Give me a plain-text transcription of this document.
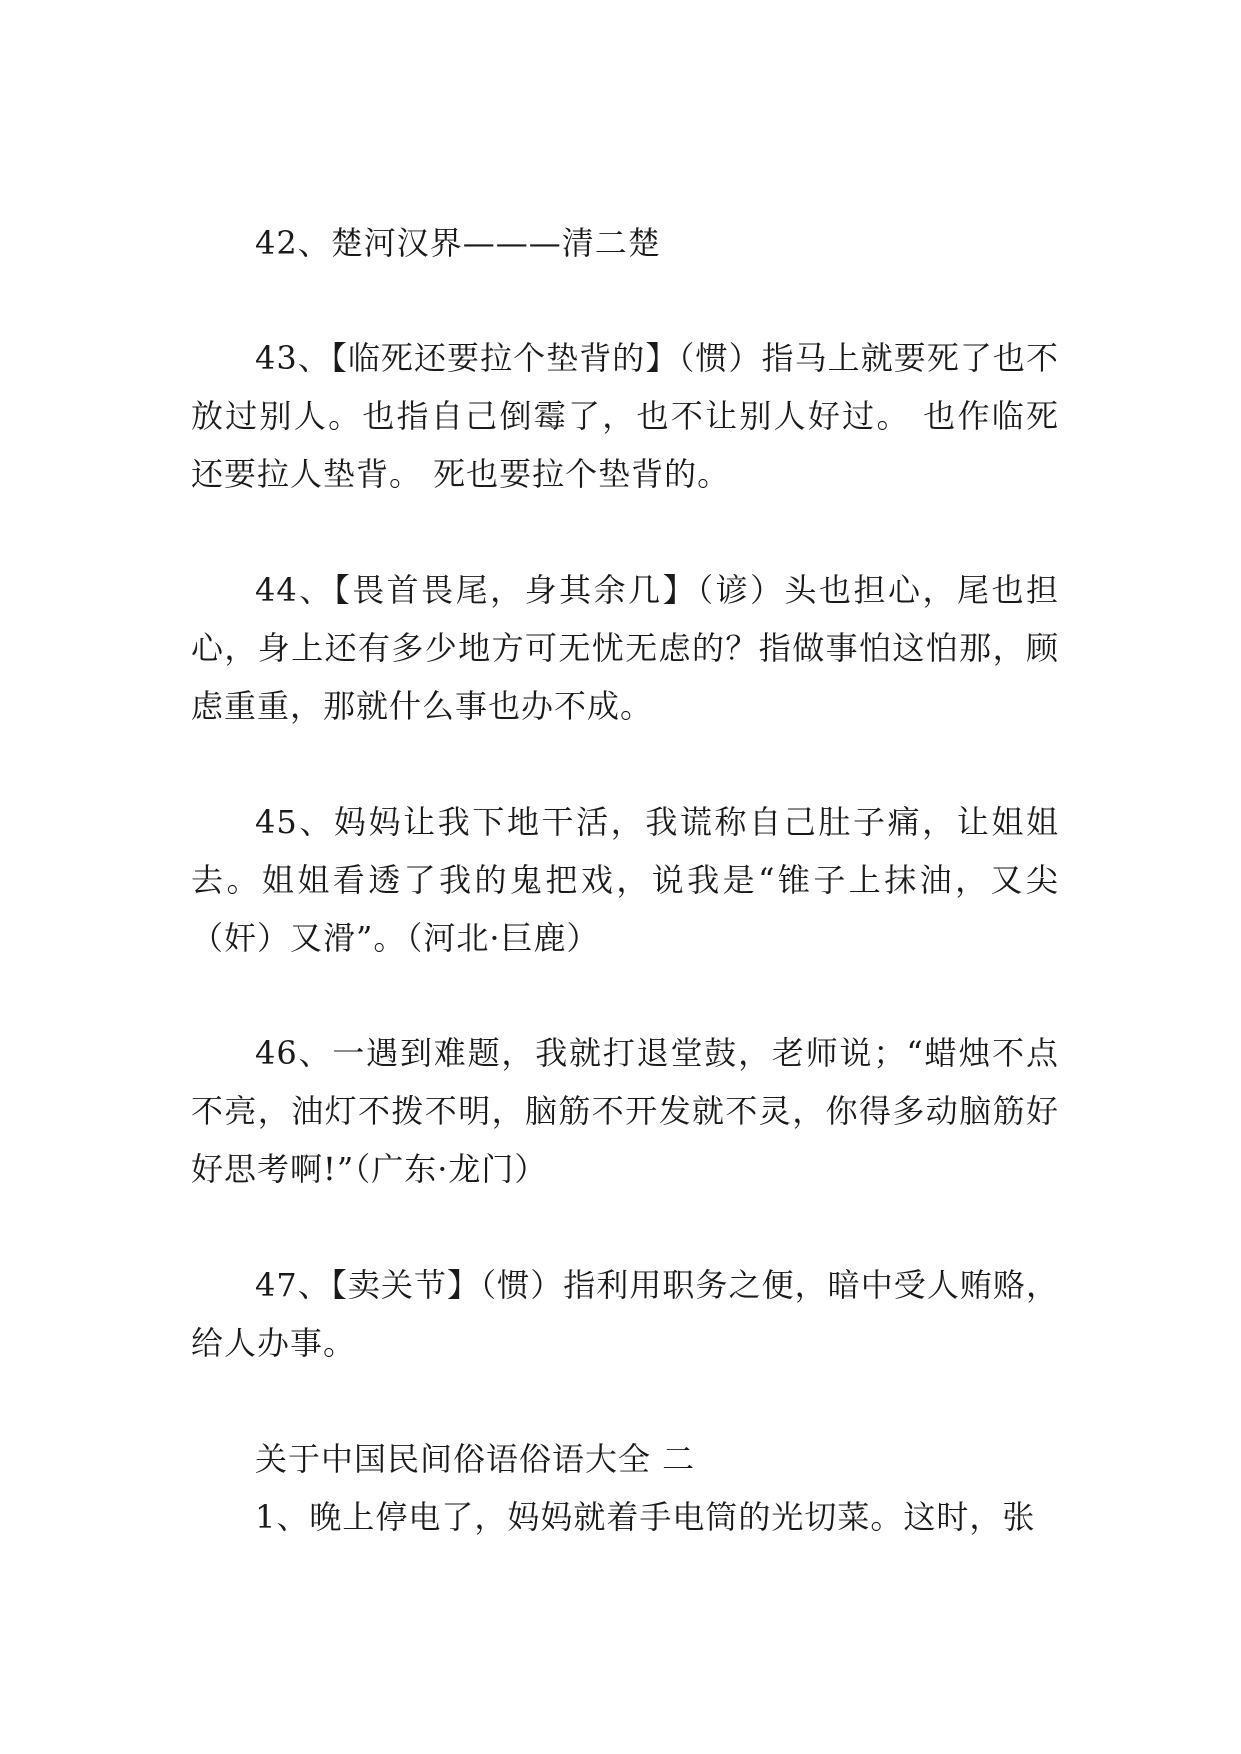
42、楚河汉界———清二楚

43、【临死还要拉个垫背的】（惯）指马上就要死了也不放过别人。也指自己倒霉了，也不让别人好过。 也作临死还要拉人垫背。 死也要拉个垫背的。

44、【畏首畏尾，身其余几】（谚）头也担心，尾也担心，身上还有多少地方可无忧无虑的？指做事怕这怕那，顾虑重重，那就什么事也办不成。

45、妈妈让我下地干活，我谎称自己肚子痛，让姐姐去。姐姐看透了我的鬼把戏，说我是“锥子上抹油，又尖（奸）又滑”。（河北·巨鹿）

46、一遇到难题，我就打退堂鼓，老师说；“蜡烛不点不亮，油灯不拨不明，脑筋不开发就不灵，你得多动脑筋好好思考啊!”（广东·龙门）

47、【卖关节】（惯）指利用职务之便，暗中受人贿赂，给人办事。

关于中国民间俗语俗语大全 二

1、晚上停电了，妈妈就着手电筒的光切菜。这时，张
